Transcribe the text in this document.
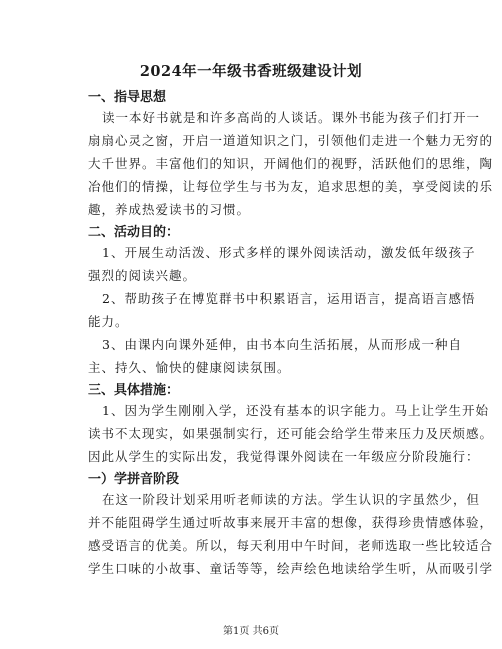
2024年一年级书香班级建设计划
一、指导思想

读一本好书就是和许多高尚的人谈话。课外书能为孩子们打开一

扇扇心灵之窗，开启一道道知识之门，引领他们走进一个魅力无穷的

大千世界。丰富他们的知识，开阔他们的视野，活跃他们的思维，陶

冶他们的情操，让每位学生与书为友，追求思想的美，享受阅读的乐

趣，养成热爱读书的习惯。

二、活动目的：

1、开展生动活泼、形式多样的课外阅读活动，激发低年级孩子

强烈的阅读兴趣。

2、帮助孩子在博览群书中积累语言，运用语言，提高语言感悟

能力。

3、由课内向课外延伸，由书本向生活拓展，从而形成一种自

主、持久、愉快的健康阅读氛围。

三、具体措施：

1、因为学生刚刚入学，还没有基本的识字能力。马上让学生开始

读书不太现实，如果强制实行，还可能会给学生带来压力及厌烦感。

因此从学生的实际出发，我觉得课外阅读在一年级应分阶段施行：

一）学拼音阶段

在这一阶段计划采用听老师读的方法。学生认识的字虽然少，但

并不能阻碍学生通过听故事来展开丰富的想像，获得珍贵情感体验，

感受语言的优美。所以，每天利用中午时间，老师选取一些比较适合

学生口味的小故事、童话等等，绘声绘色地读给学生听，从而吸引学

第1页 共6页
